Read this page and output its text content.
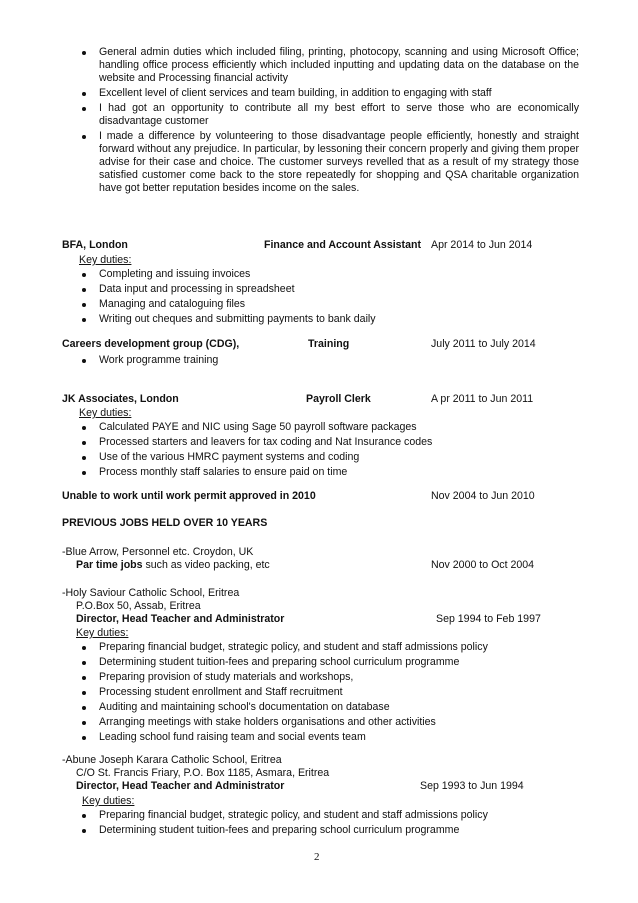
General admin duties which included filing, printing, photocopy, scanning and using Microsoft Office; handling office process efficiently which included inputting and updating data on the database on the website and Processing financial activity
Excellent level of client services and team building, in addition to engaging with staff
I had got an opportunity to contribute all my best effort to serve those who are economically disadvantage customer
I made a difference by volunteering to those disadvantage people efficiently, honestly and straight forward without any prejudice. In particular, by lessoning their concern properly and giving them proper advise for their case and choice. The customer surveys revelled that as a result of my strategy those satisfied customer come back to the store repeatedly for shopping and QSA charitable organization have got better reputation besides income on the sales.
BFA, London	Finance and Account Assistant Apr 2014 to Jun 2014
Key duties:
Completing and issuing invoices
Data input and processing in spreadsheet
Managing and cataloguing files
Writing out cheques and submitting payments to bank daily
Careers development group (CDG),	Training	July 2011 to July 2014
Work programme training
JK Associates, London	Payroll Clerk	A pr 2011 to Jun 2011
Key duties:
Calculated PAYE and NIC using Sage 50 payroll software packages
Processed starters and leavers for tax coding and Nat Insurance codes
Use of the various HMRC payment systems and coding
Process monthly staff salaries to ensure paid on time
Unable to work until work permit approved in 2010	Nov 2004 to Jun 2010
PREVIOUS JOBS HELD OVER 10 YEARS
-Blue Arrow, Personnel etc. Croydon, UK
Par time jobs such as video packing, etc	Nov 2000 to Oct 2004
-Holy Saviour Catholic School, Eritrea
P.O.Box 50, Assab, Eritrea
Director, Head Teacher and Administrator	Sep 1994 to Feb 1997
Key duties:
Preparing financial budget, strategic policy, and student and staff admissions policy
Determining student tuition-fees and preparing school curriculum programme
Preparing provision of study materials and workshops,
Processing student enrollment and Staff recruitment
Auditing and maintaining school's documentation on database
Arranging meetings with stake holders organisations and other activities
Leading school fund raising team and social events team
-Abune Joseph Karara Catholic School, Eritrea
C/O St. Francis Friary, P.O. Box 1185, Asmara, Eritrea
Director, Head Teacher and Administrator	Sep 1993 to Jun 1994
Key duties:
Preparing financial budget, strategic policy, and student and staff admissions policy
Determining student tuition-fees and preparing school curriculum programme
2
